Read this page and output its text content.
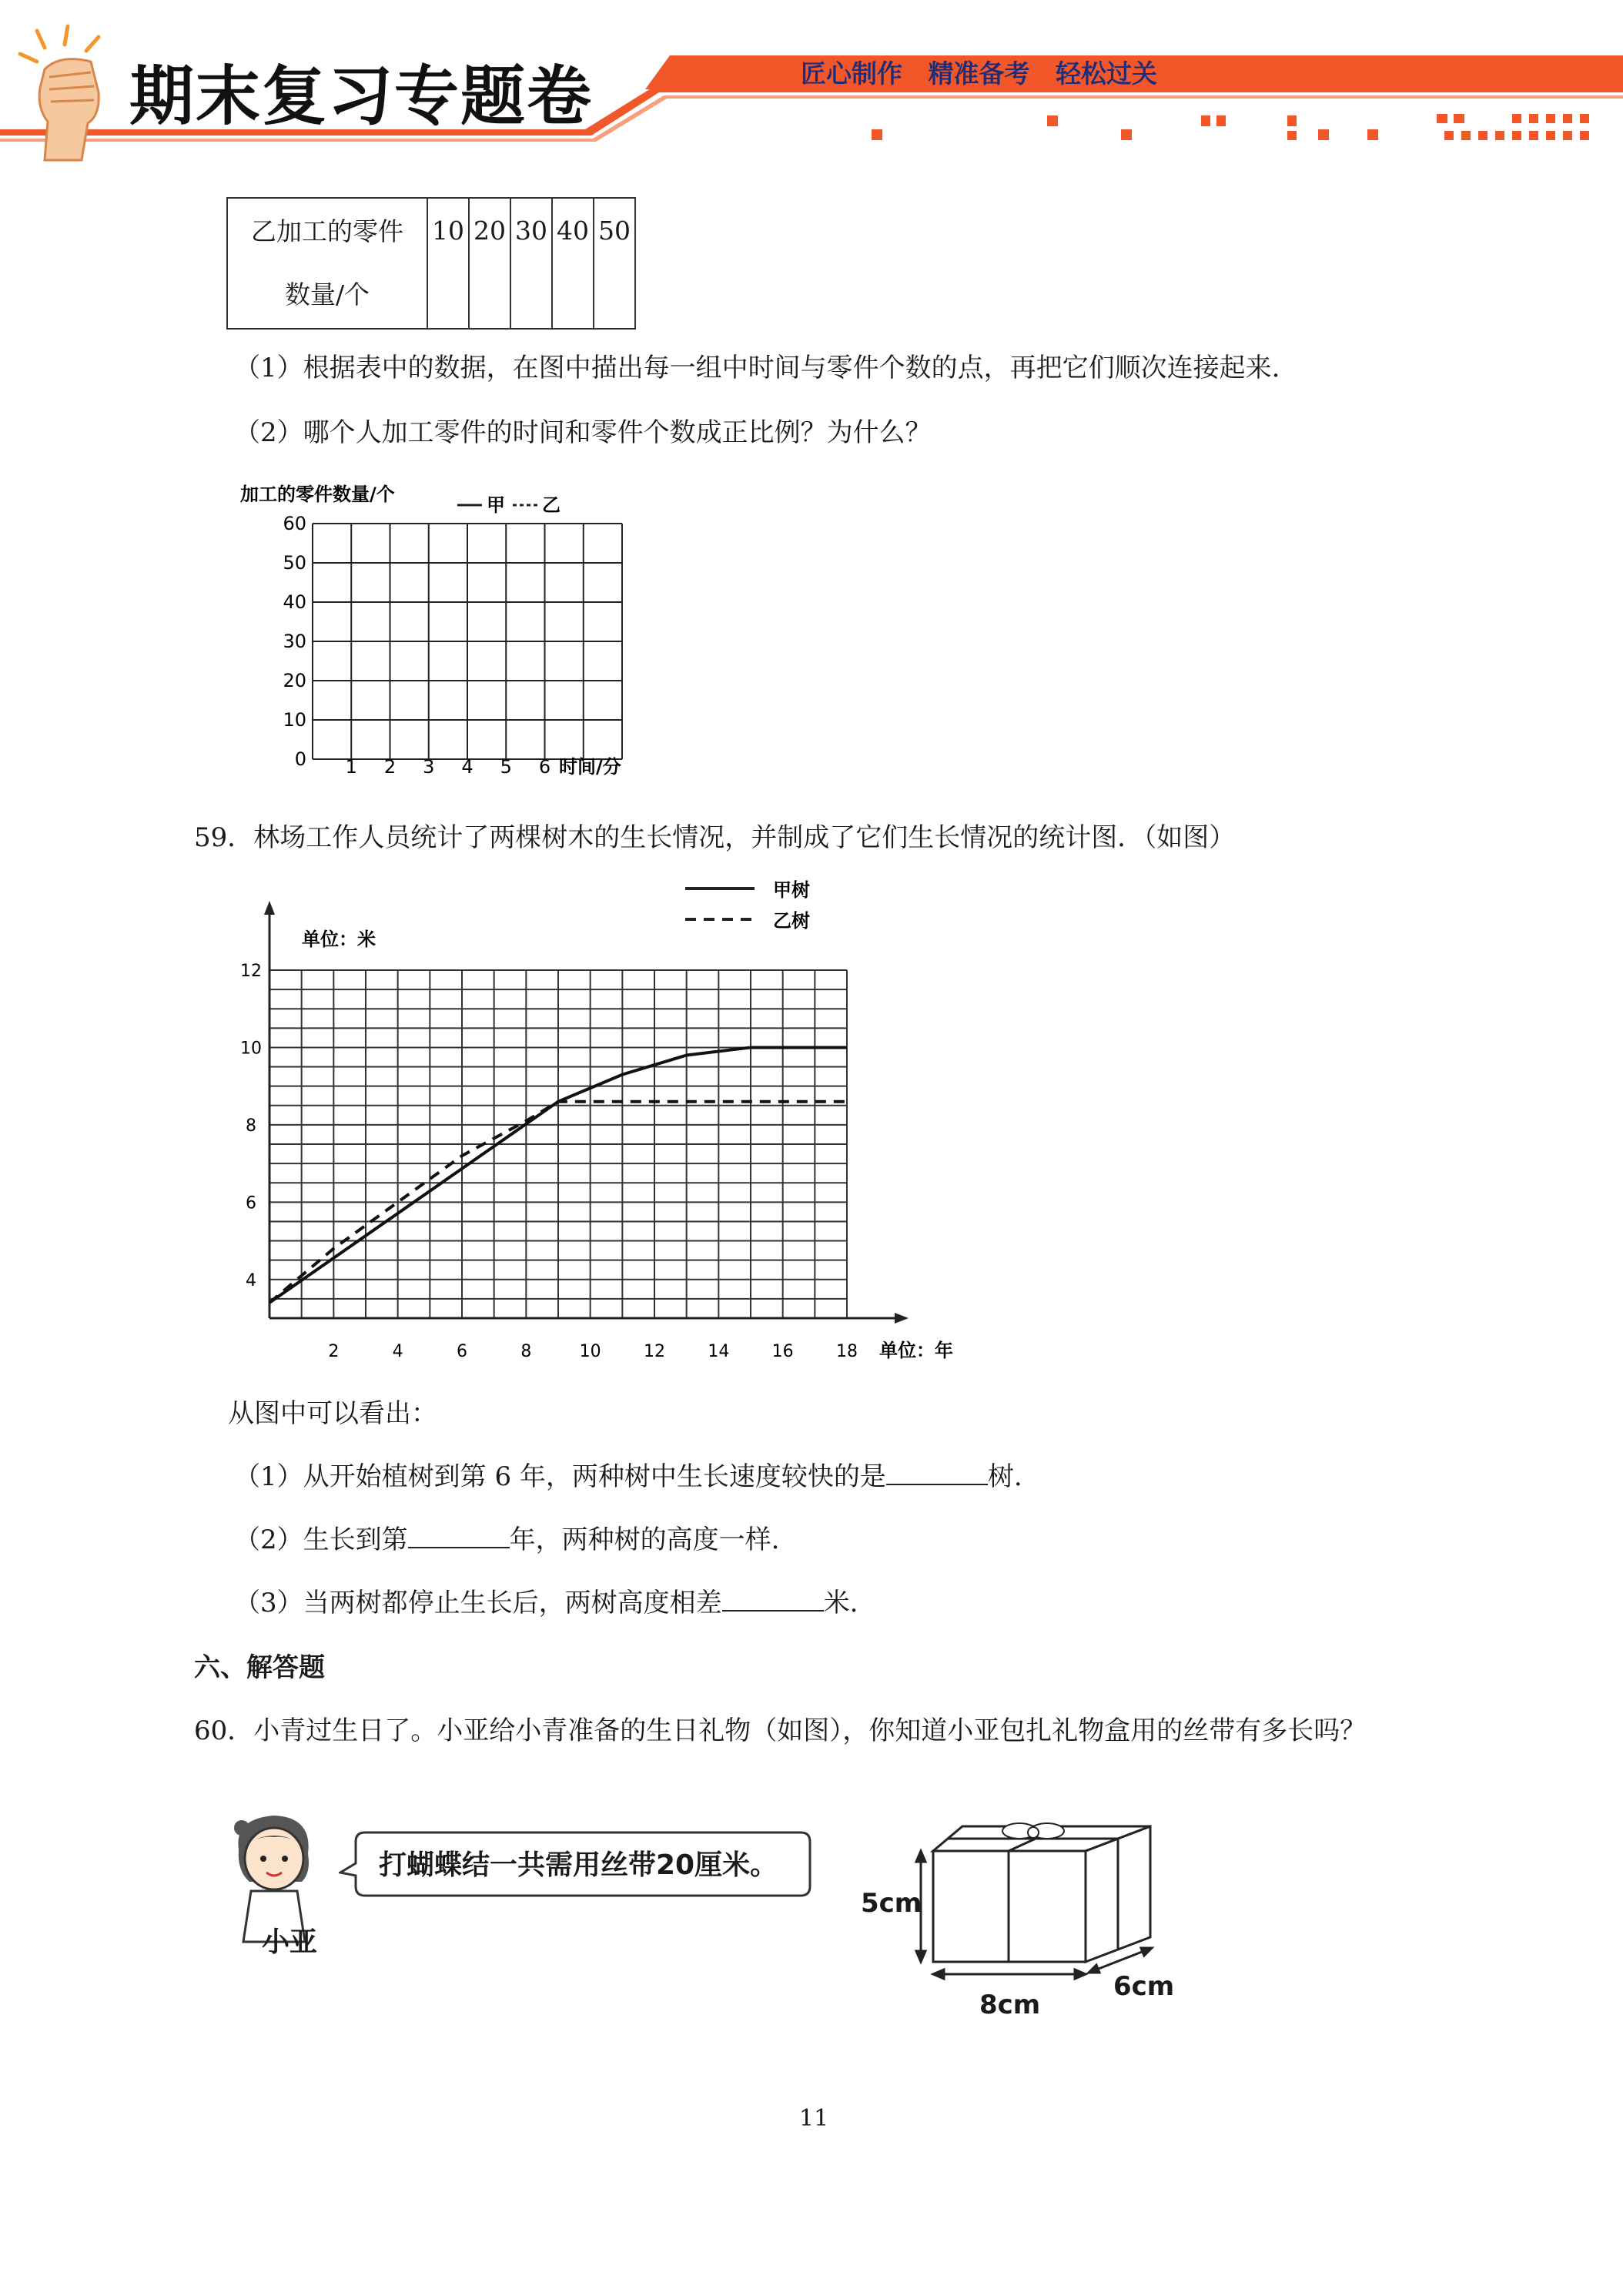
期末复习专题卷	匠心制作 精准备考 轻松过关
乙加工的零件
数量/个	10	20	30	40	50
（1）根据表中的数据，在图中描出每一组中时间与零件个数的点，再把它们顺次连接起来.
（2）哪个人加工零件的时间和零件个数成正比例？为什么？
加工的零件数量/个	甲 乙
0
10
20
30
40
50
60
1 2 3 4 5 6 时间/分
59．林场工作人员统计了两棵树木的生长情况，并制成了它们生长情况的统计图．（如图）
甲树
乙树
单位：米
4
6
8
10
12
2	4	6	8	10	12	14	16	18 单位：年
从图中可以看出：
（1）从开始植树到第 6 年，两种树中生长速度较快的是	树.
（2）生长到第	年，两种树的高度一样.
（3）当两树都停止生长后，两树高度相差	米.
六、解答题
60．小青过生日了。小亚给小青准备的生日礼物（如图），你知道小亚包扎礼物盒用的丝带有多长吗？
小亚
打蝴蝶结一共需用丝带20厘米。
5cm
8cm
6cm
11
